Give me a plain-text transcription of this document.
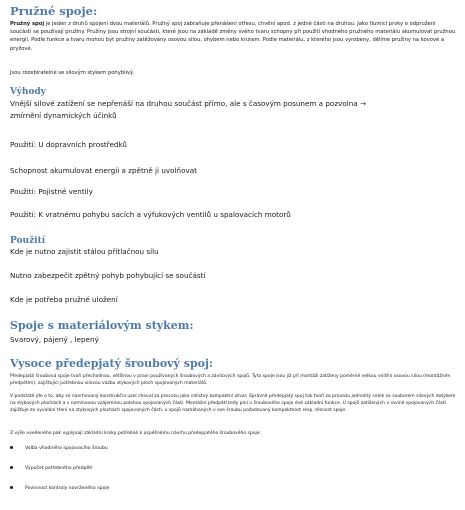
Pružné spoje:

Pružný spoj je jeden z druhů spojení dvou materiálů. Pružný spoj zabraňuje přenášení otřesu, chvění apod. z jedné části na druhou. Jako tlumicí prvky o odpružení součástí se používají pružiny. Pružiny jsou strojní součásti, které jsou na základě změny svého tvaru schopny při použití vhodného pružného materiálu akumulovat pružnou energii. Podle funkce a tvaru mohou být pružiny zatěžovány osovou silou, ohybem nebo krutem. Podle materiálu, z kterého jsou vyrobeny, dělíme pružiny na kovové a pryžové.

Jsou rozebíratelné se silovým stykem pohyblivý.

Výhody

Vnější silové zatížení se nepřenáší na druhou součást přímo, ale s časovým posunem a pozvolna →

zmírnění dynamických účinků

Použití: U dopravních prostředků

Schopnost akumulovat energii a zpětně ji uvolňovat

Použití: Pojistné ventily

Použití: K vratnému pohybu sacích a výfukových ventilů u spalovacích motorů

Použití

Kde je nutno zajistit stálou přítlačnou sílu

Nutno zabezpečit zpětný pohyb pohybující se součásti

Kde je potřeba pružné uložení

Spoje s materiálovým stykem:

Svarový, pájený , lepený

Vysoce předepjatý šroubový spoj:

Předepjatá šroubová spoje tvoří přechodnou, většinou v praxi používaných šroubových a závitových spojů. Tyto spoje jsou již při montáži zatíženy poměrně velkou vnitřní osovou silou (montážním předpětím), zajišťující potřebnou silovou vazbu stykových ploch spojovaných materiálů.

V podstatě jde o to, aby se navrhovaný konstrukční uzel choval za provozu jako celistvý kompaktní útvar. Správně předepjatý spoj tak tvoří za provozu jednolitý celek se souborem silových dotykem na stykových plochách a s nominovou vzájemnou polohou spojovaných částí. Montážní předpětí tedy plní u šroubového spoje dvě základní funkce. U spojů zatížených v rovině spojovaných částí zajišťuje za vyvolání tření na stykových plochách spojovaných částí, u spojů namáhaných v ose šroubu požadovaný kompaktnost resp. těsnost spoje.

Z výše uvedeného pak vyplývají základní kroky potřebné k úspěšnému návrhu předepjatého šroubového spoje:

Volba vhodného spojovacího šroubu
Výpočet potřebného předpětí
Povinnost kontroly navrženého spoje
